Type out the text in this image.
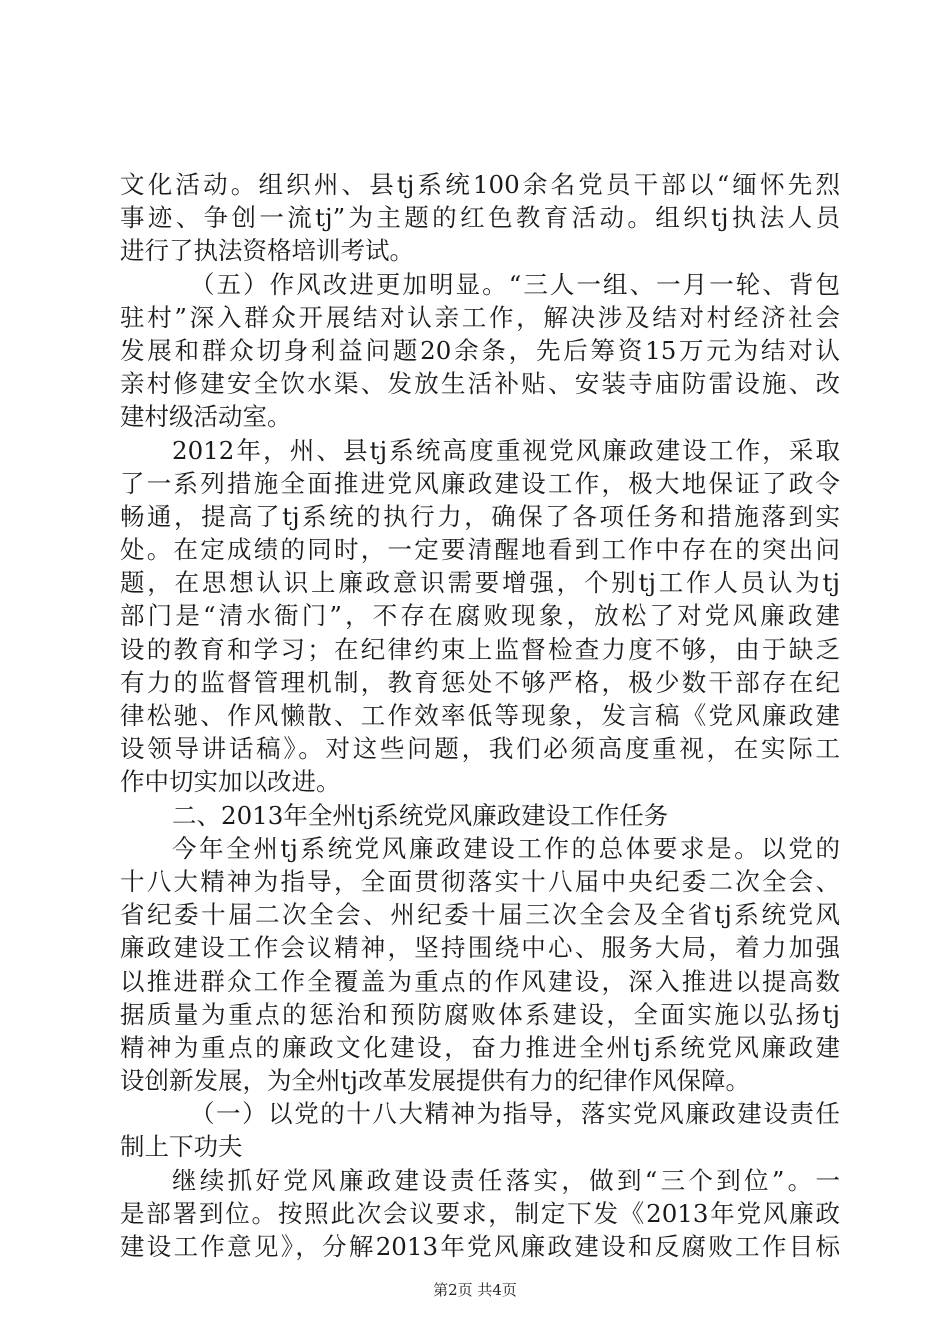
文化活动。组织州、县tj系统100余名党员干部以“缅怀先烈
事迹、争创一流tj”为主题的红色教育活动。组织tj执法人员
进行了执法资格培训考试。
（五）作风改进更加明显。“三人一组、一月一轮、背包
驻村”深入群众开展结对认亲工作，解决涉及结对村经济社会
发展和群众切身利益问题20余条，先后筹资15万元为结对认
亲村修建安全饮水渠、发放生活补贴、安装寺庙防雷设施、改
建村级活动室。
2012年，州、县tj系统高度重视党风廉政建设工作，采取
了一系列措施全面推进党风廉政建设工作，极大地保证了政令
畅通，提高了tj系统的执行力，确保了各项任务和措施落到实
处。在定成绩的同时，一定要清醒地看到工作中存在的突出问
题，在思想认识上廉政意识需要增强，个别tj工作人员认为tj
部门是“清水衙门”，不存在腐败现象，放松了对党风廉政建
设的教育和学习；在纪律约束上监督检查力度不够，由于缺乏
有力的监督管理机制，教育惩处不够严格，极少数干部存在纪
律松驰、作风懒散、工作效率低等现象，发言稿《党风廉政建
设领导讲话稿》。对这些问题，我们必须高度重视，在实际工
作中切实加以改进。
二、2013年全州tj系统党风廉政建设工作任务
今年全州tj系统党风廉政建设工作的总体要求是。以党的
十八大精神为指导，全面贯彻落实十八届中央纪委二次全会、
省纪委十届二次全会、州纪委十届三次全会及全省tj系统党风
廉政建设工作会议精神，坚持围绕中心、服务大局，着力加强
以推进群众工作全覆盖为重点的作风建设，深入推进以提高数
据质量为重点的惩治和预防腐败体系建设，全面实施以弘扬tj
精神为重点的廉政文化建设，奋力推进全州tj系统党风廉政建
设创新发展，为全州tj改革发展提供有力的纪律作风保障。
（一）以党的十八大精神为指导，落实党风廉政建设责任
制上下功夫
继续抓好党风廉政建设责任落实，做到“三个到位”。一
是部署到位。按照此次会议要求，制定下发《2013年党风廉政
建设工作意见》，分解2013年党风廉政建设和反腐败工作目标
第2页 共4页
